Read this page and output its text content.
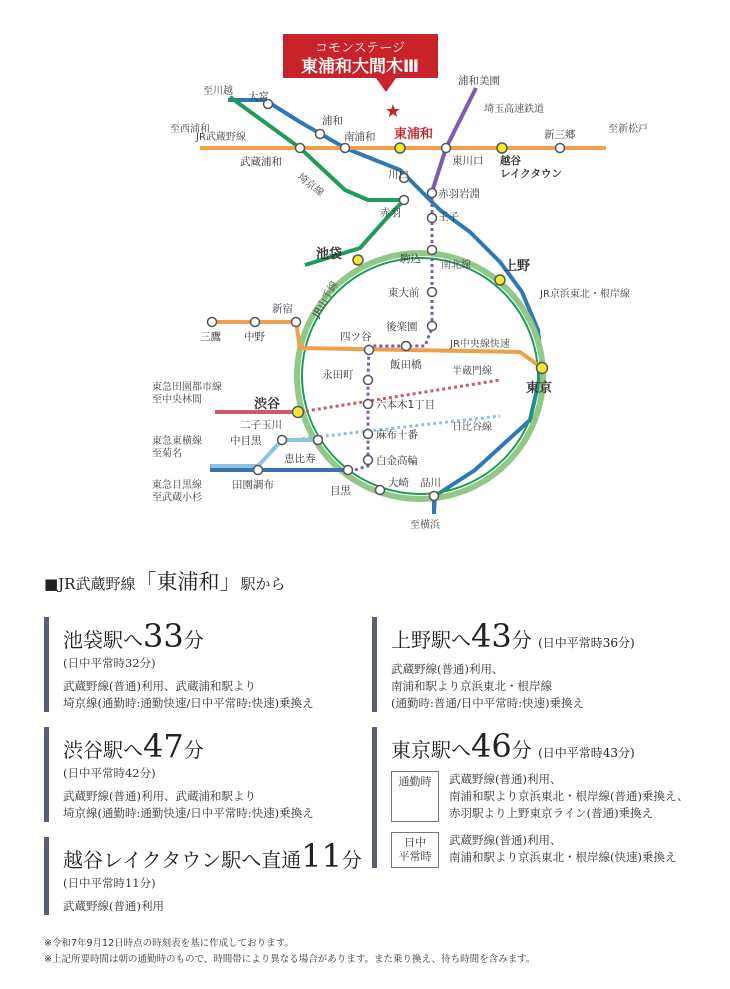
コモンステージ
東浦和大間木Ⅲ
★
JR武蔵野線
埼京線
JR山手線	JR京浜東北・根岸線
JR中央線快速
半蔵門線
日比谷線
南北線
埼玉高速鉄道
東急田園都市線至中央林間
東急東横線至菊名
東急目黒線至武蔵小杉
至西浦和	至新松戸
至川越
至横浜
大宮
浦和
南浦和 東浦和
東川口 越谷レイクタウン
新三郷
浦和美園
武蔵浦和
川口
赤羽岩淵
赤羽	王子
池袋	駒込	上野
東大前
後楽園
新宿
三鷹 中野	四ツ谷
飯田橋
永田町
東京
六本木1丁目
渋谷
二子玉川
中目黒	麻布十番
恵比寿	白金高輪
田園調布	目黒
大崎 品川
■JR武蔵野線「東浦和」駅から
池袋駅へ33分
(日中平常時32分)
武蔵野線(普通)利用、武蔵浦和駅より
埼京線(通勤時:通勤快速/日中平常時:快速)乗換え
渋谷駅へ47分
(日中平常時42分)
武蔵野線(普通)利用、武蔵浦和駅より
埼京線(通勤時:通勤快速/日中平常時:快速)乗換え
越谷レイクタウン駅へ直通11分
(日中平常時11分)
武蔵野線(普通)利用
上野駅へ43分 (日中平常時36分)
武蔵野線(普通)利用、
南浦和駅より京浜東北・根岸線
(通勤時:普通/日中平常時:快速)乗換え
東京駅へ46分 (日中平常時43分)
通勤時	武蔵野線(普通)利用、
南浦和駅より京浜東北・根岸線(普通)乗換え、
赤羽駅より上野東京ライン(普通)乗換え
日中
平常時
武蔵野線(普通)利用、
南浦和駅より京浜東北・根岸線(快速)乗換え
※令和7年9月12日時点の時刻表を基に作成しております。
※上記所要時間は朝の通勤時のもので、時間帯により異なる場合があります。また乗り換え、待ち時間を含みます。
